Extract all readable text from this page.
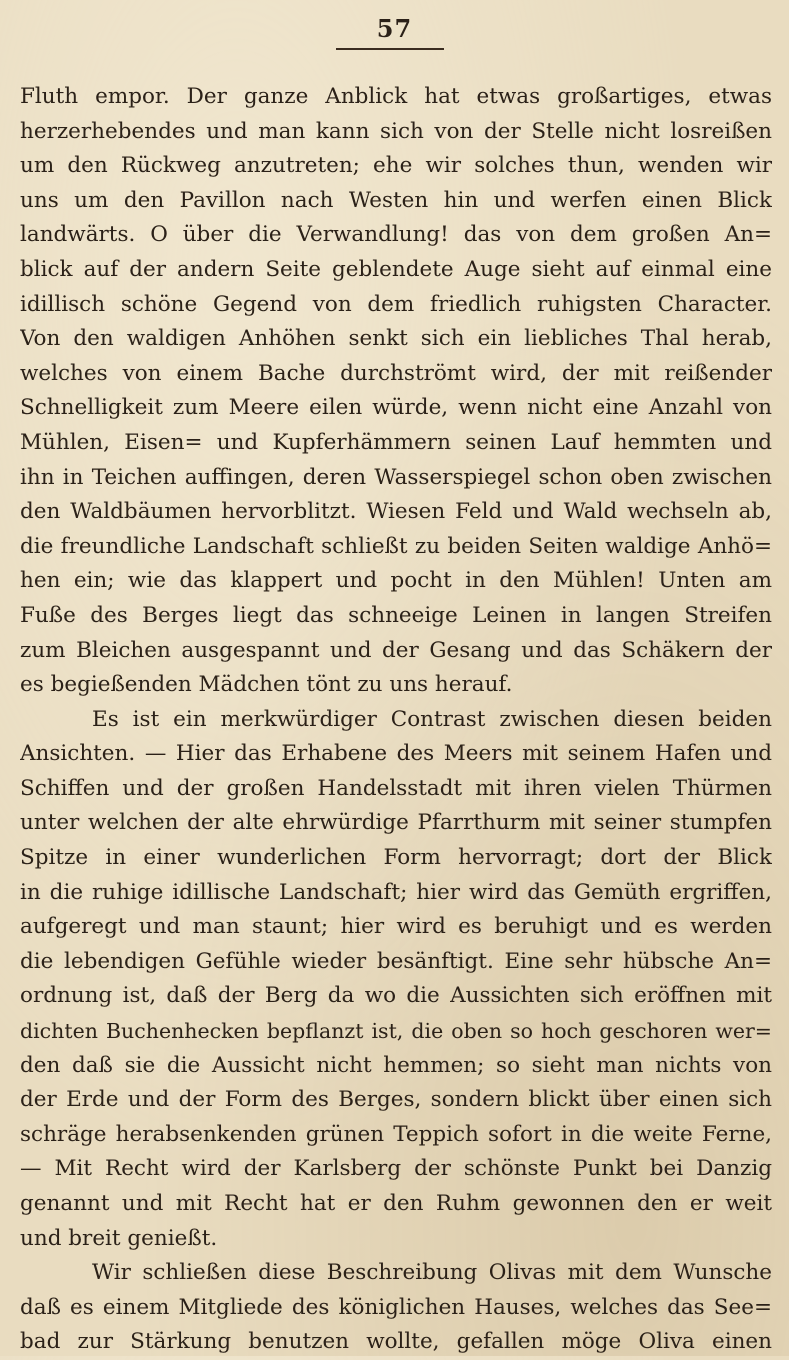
57
Fluth empor. Der ganze Anblick hat etwas großartiges, etwas
herzerhebendes und man kann sich von der Stelle nicht losreißen
um den Rückweg anzutreten; ehe wir solches thun, wenden wir
uns um den Pavillon nach Westen hin und werfen einen Blick
landwärts. O über die Verwandlung! das von dem großen An=
blick auf der andern Seite geblendete Auge sieht auf einmal eine
idillisch schöne Gegend von dem friedlich ruhigsten Character.
Von den waldigen Anhöhen senkt sich ein liebliches Thal herab,
welches von einem Bache durchströmt wird, der mit reißender
Schnelligkeit zum Meere eilen würde, wenn nicht eine Anzahl von
Mühlen, Eisen= und Kupferhämmern seinen Lauf hemmten und
ihn in Teichen auffingen, deren Wasserspiegel schon oben zwischen
den Waldbäumen hervorblitzt. Wiesen Feld und Wald wechseln ab,
die freundliche Landschaft schließt zu beiden Seiten waldige Anhö=
hen ein; wie das klappert und pocht in den Mühlen! Unten am
Fuße des Berges liegt das schneeige Leinen in langen Streifen
zum Bleichen ausgespannt und der Gesang und das Schäkern der
es begießenden Mädchen tönt zu uns herauf.
Es ist ein merkwürdiger Contrast zwischen diesen beiden
Ansichten. — Hier das Erhabene des Meers mit seinem Hafen und
Schiffen und der großen Handelsstadt mit ihren vielen Thürmen
unter welchen der alte ehrwürdige Pfarrthurm mit seiner stumpfen
Spitze in einer wunderlichen Form hervorragt; dort der Blick
in die ruhige idillische Landschaft; hier wird das Gemüth ergriffen,
aufgeregt und man staunt; hier wird es beruhigt und es werden
die lebendigen Gefühle wieder besänftigt. Eine sehr hübsche An=
ordnung ist, daß der Berg da wo die Aussichten sich eröffnen mit
dichten Buchenhecken bepflanzt ist, die oben so hoch geschoren wer=
den daß sie die Aussicht nicht hemmen; so sieht man nichts von
der Erde und der Form des Berges, sondern blickt über einen sich
schräge herabsenkenden grünen Teppich sofort in die weite Ferne,
— Mit Recht wird der Karlsberg der schönste Punkt bei Danzig
genannt und mit Recht hat er den Ruhm gewonnen den er weit
und breit genießt.
Wir schließen diese Beschreibung Olivas mit dem Wunsche
daß es einem Mitgliede des königlichen Hauses, welches das See=
bad zur Stärkung benutzen wollte, gefallen möge Oliva einen
